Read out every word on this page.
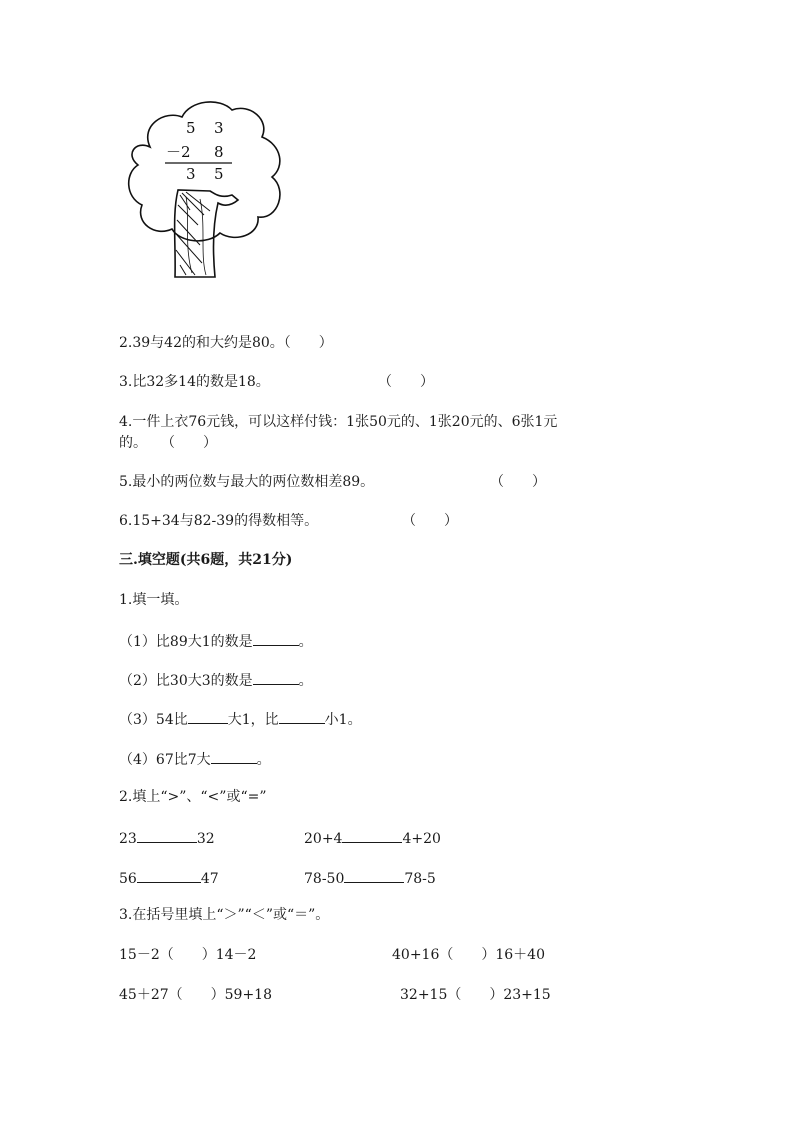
5 3
－2 8
3 5
2.39与42的和大约是80。（　　）
3.比32多14的数是18。	（　　）
4.一件上衣76元钱，可以这样付钱：1张50元的、1张20元的、6张1元
的。　　（　　）
5.最小的两位数与最大的两位数相差89。	（　　）
6.15+34与82-39的得数相等。	（　　）
三.填空题(共6题，共21分)
1.填一填。
（1）比89大1的数是	。
（2）比30大3的数是	。
（3）54比	大1，比	小1。
（4）67比7大	。
2.填上“>”、“<”或“=”
23	32	20+4	4+20
56	47	78-50	78-5
3.在括号里填上“＞”“＜”或“＝”。
15－2（　　）14－2	40+16（　　）16＋40
45＋27（　　）59+18	32+15（　　）23+15
